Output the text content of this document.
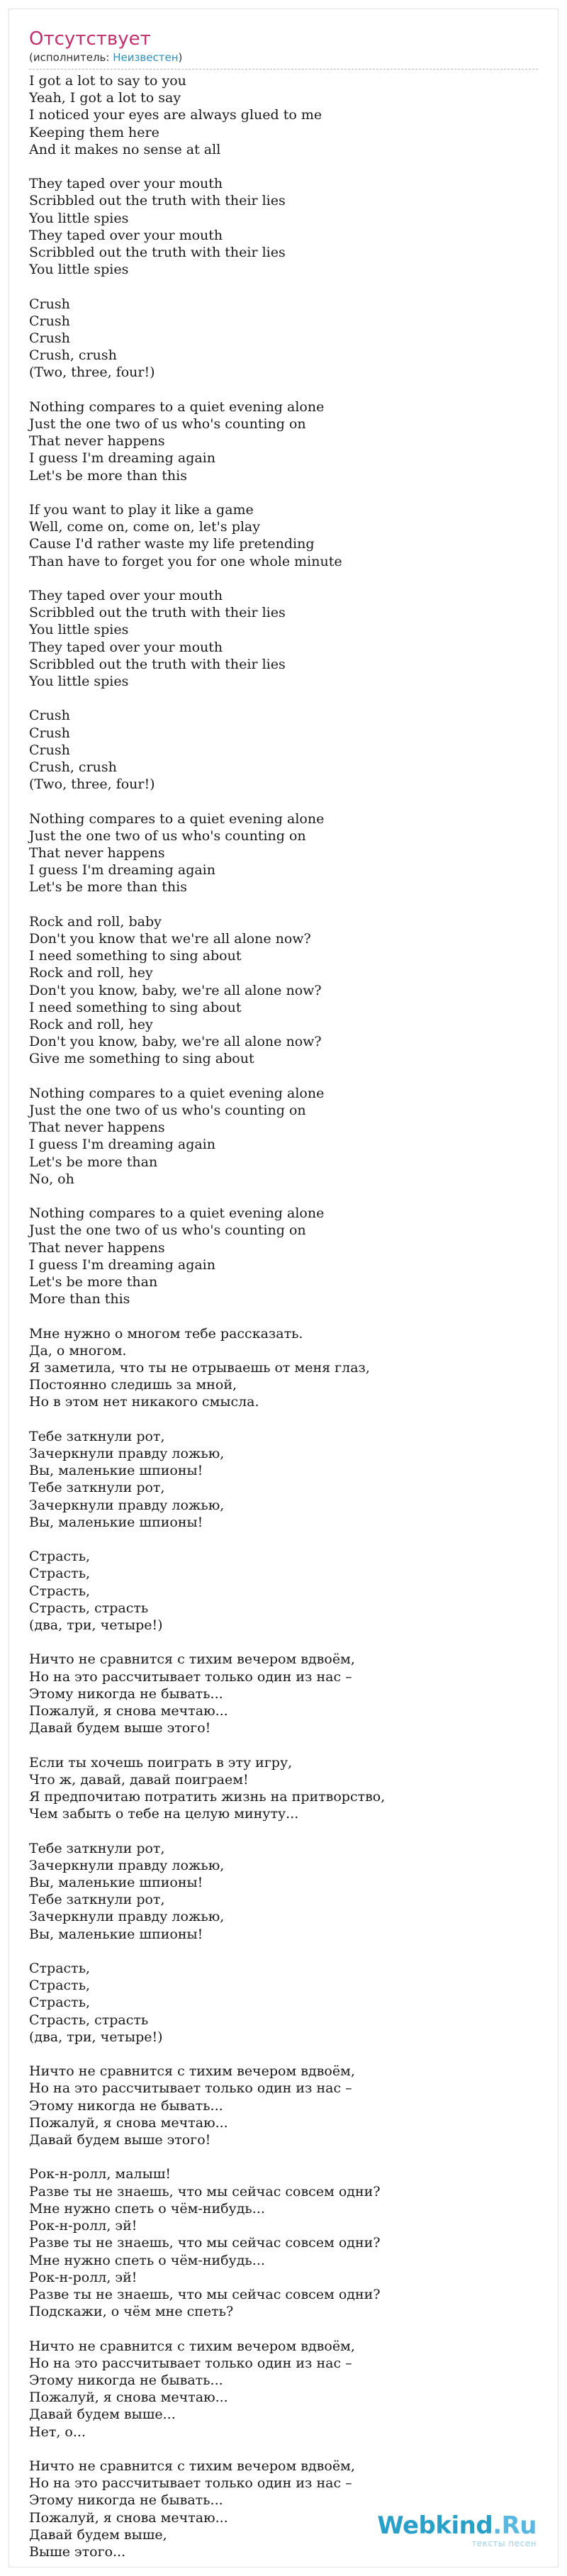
Отсутствует
(исполнитель: Неизвестен)
I got a lot to say to you
Yeah, I got a lot to say
I noticed your eyes are always glued to me
Keeping them here
And it makes no sense at all
They taped over your mouth
Scribbled out the truth with their lies
You little spies
They taped over your mouth
Scribbled out the truth with their lies
You little spies
Crush
Crush
Crush
Crush, crush
(Two, three, four!)
Nothing compares to a quiet evening alone
Just the one two of us who's counting on
That never happens
I guess I'm dreaming again
Let's be more than this
If you want to play it like a game
Well, come on, come on, let's play
Cause I'd rather waste my life pretending
Than have to forget you for one whole minute
They taped over your mouth
Scribbled out the truth with their lies
You little spies
They taped over your mouth
Scribbled out the truth with their lies
You little spies
Crush
Crush
Crush
Crush, crush
(Two, three, four!)
Nothing compares to a quiet evening alone
Just the one two of us who's counting on
That never happens
I guess I'm dreaming again
Let's be more than this
Rock and roll, baby
Don't you know that we're all alone now?
I need something to sing about
Rock and roll, hey
Don't you know, baby, we're all alone now?
I need something to sing about
Rock and roll, hey
Don't you know, baby, we're all alone now?
Give me something to sing about
Nothing compares to a quiet evening alone
Just the one two of us who's counting on
That never happens
I guess I'm dreaming again
Let's be more than
No, oh
Nothing compares to a quiet evening alone
Just the one two of us who's counting on
That never happens
I guess I'm dreaming again
Let's be more than
More than this
Мне нужно о многом тебе рассказать.
Да, о многом.
Я заметила, что ты не отрываешь от меня глаз,
Постоянно следишь за мной,
Но в этом нет никакого смысла.
Тебе заткнули рот,
Зачеркнули правду ложью,
Вы, маленькие шпионы!
Тебе заткнули рот,
Зачеркнули правду ложью,
Вы, маленькие шпионы!
Страсть,
Страсть,
Страсть,
Страсть, страсть
(два, три, четыре!)
Ничто не сравнится с тихим вечером вдвоём,
Но на это рассчитывает только один из нас –
Этому никогда не бывать...
Пожалуй, я снова мечтаю...
Давай будем выше этого!
Если ты хочешь поиграть в эту игру,
Что ж, давай, давай поиграем!
Я предпочитаю потратить жизнь на притворство,
Чем забыть о тебе на целую минуту...
Тебе заткнули рот,
Зачеркнули правду ложью,
Вы, маленькие шпионы!
Тебе заткнули рот,
Зачеркнули правду ложью,
Вы, маленькие шпионы!
Страсть,
Страсть,
Страсть,
Страсть, страсть
(два, три, четыре!)
Ничто не сравнится с тихим вечером вдвоём,
Но на это рассчитывает только один из нас –
Этому никогда не бывать...
Пожалуй, я снова мечтаю...
Давай будем выше этого!
Рок-н-ролл, малыш!
Разве ты не знаешь, что мы сейчас совсем одни?
Мне нужно спеть о чём-нибудь...
Рок-н-ролл, эй!
Разве ты не знаешь, что мы сейчас совсем одни?
Мне нужно спеть о чём-нибудь...
Рок-н-ролл, эй!
Разве ты не знаешь, что мы сейчас совсем одни?
Подскажи, о чём мне спеть?
Ничто не сравнится с тихим вечером вдвоём,
Но на это рассчитывает только один из нас –
Этому никогда не бывать...
Пожалуй, я снова мечтаю...
Давай будем выше...
Нет, о...
Ничто не сравнится с тихим вечером вдвоём,
Но на это рассчитывает только один из нас –
Этому никогда не бывать...
Пожалуй, я снова мечтаю...
Давай будем выше,
Выше этого...
Webkind.Ru
тексты песен
